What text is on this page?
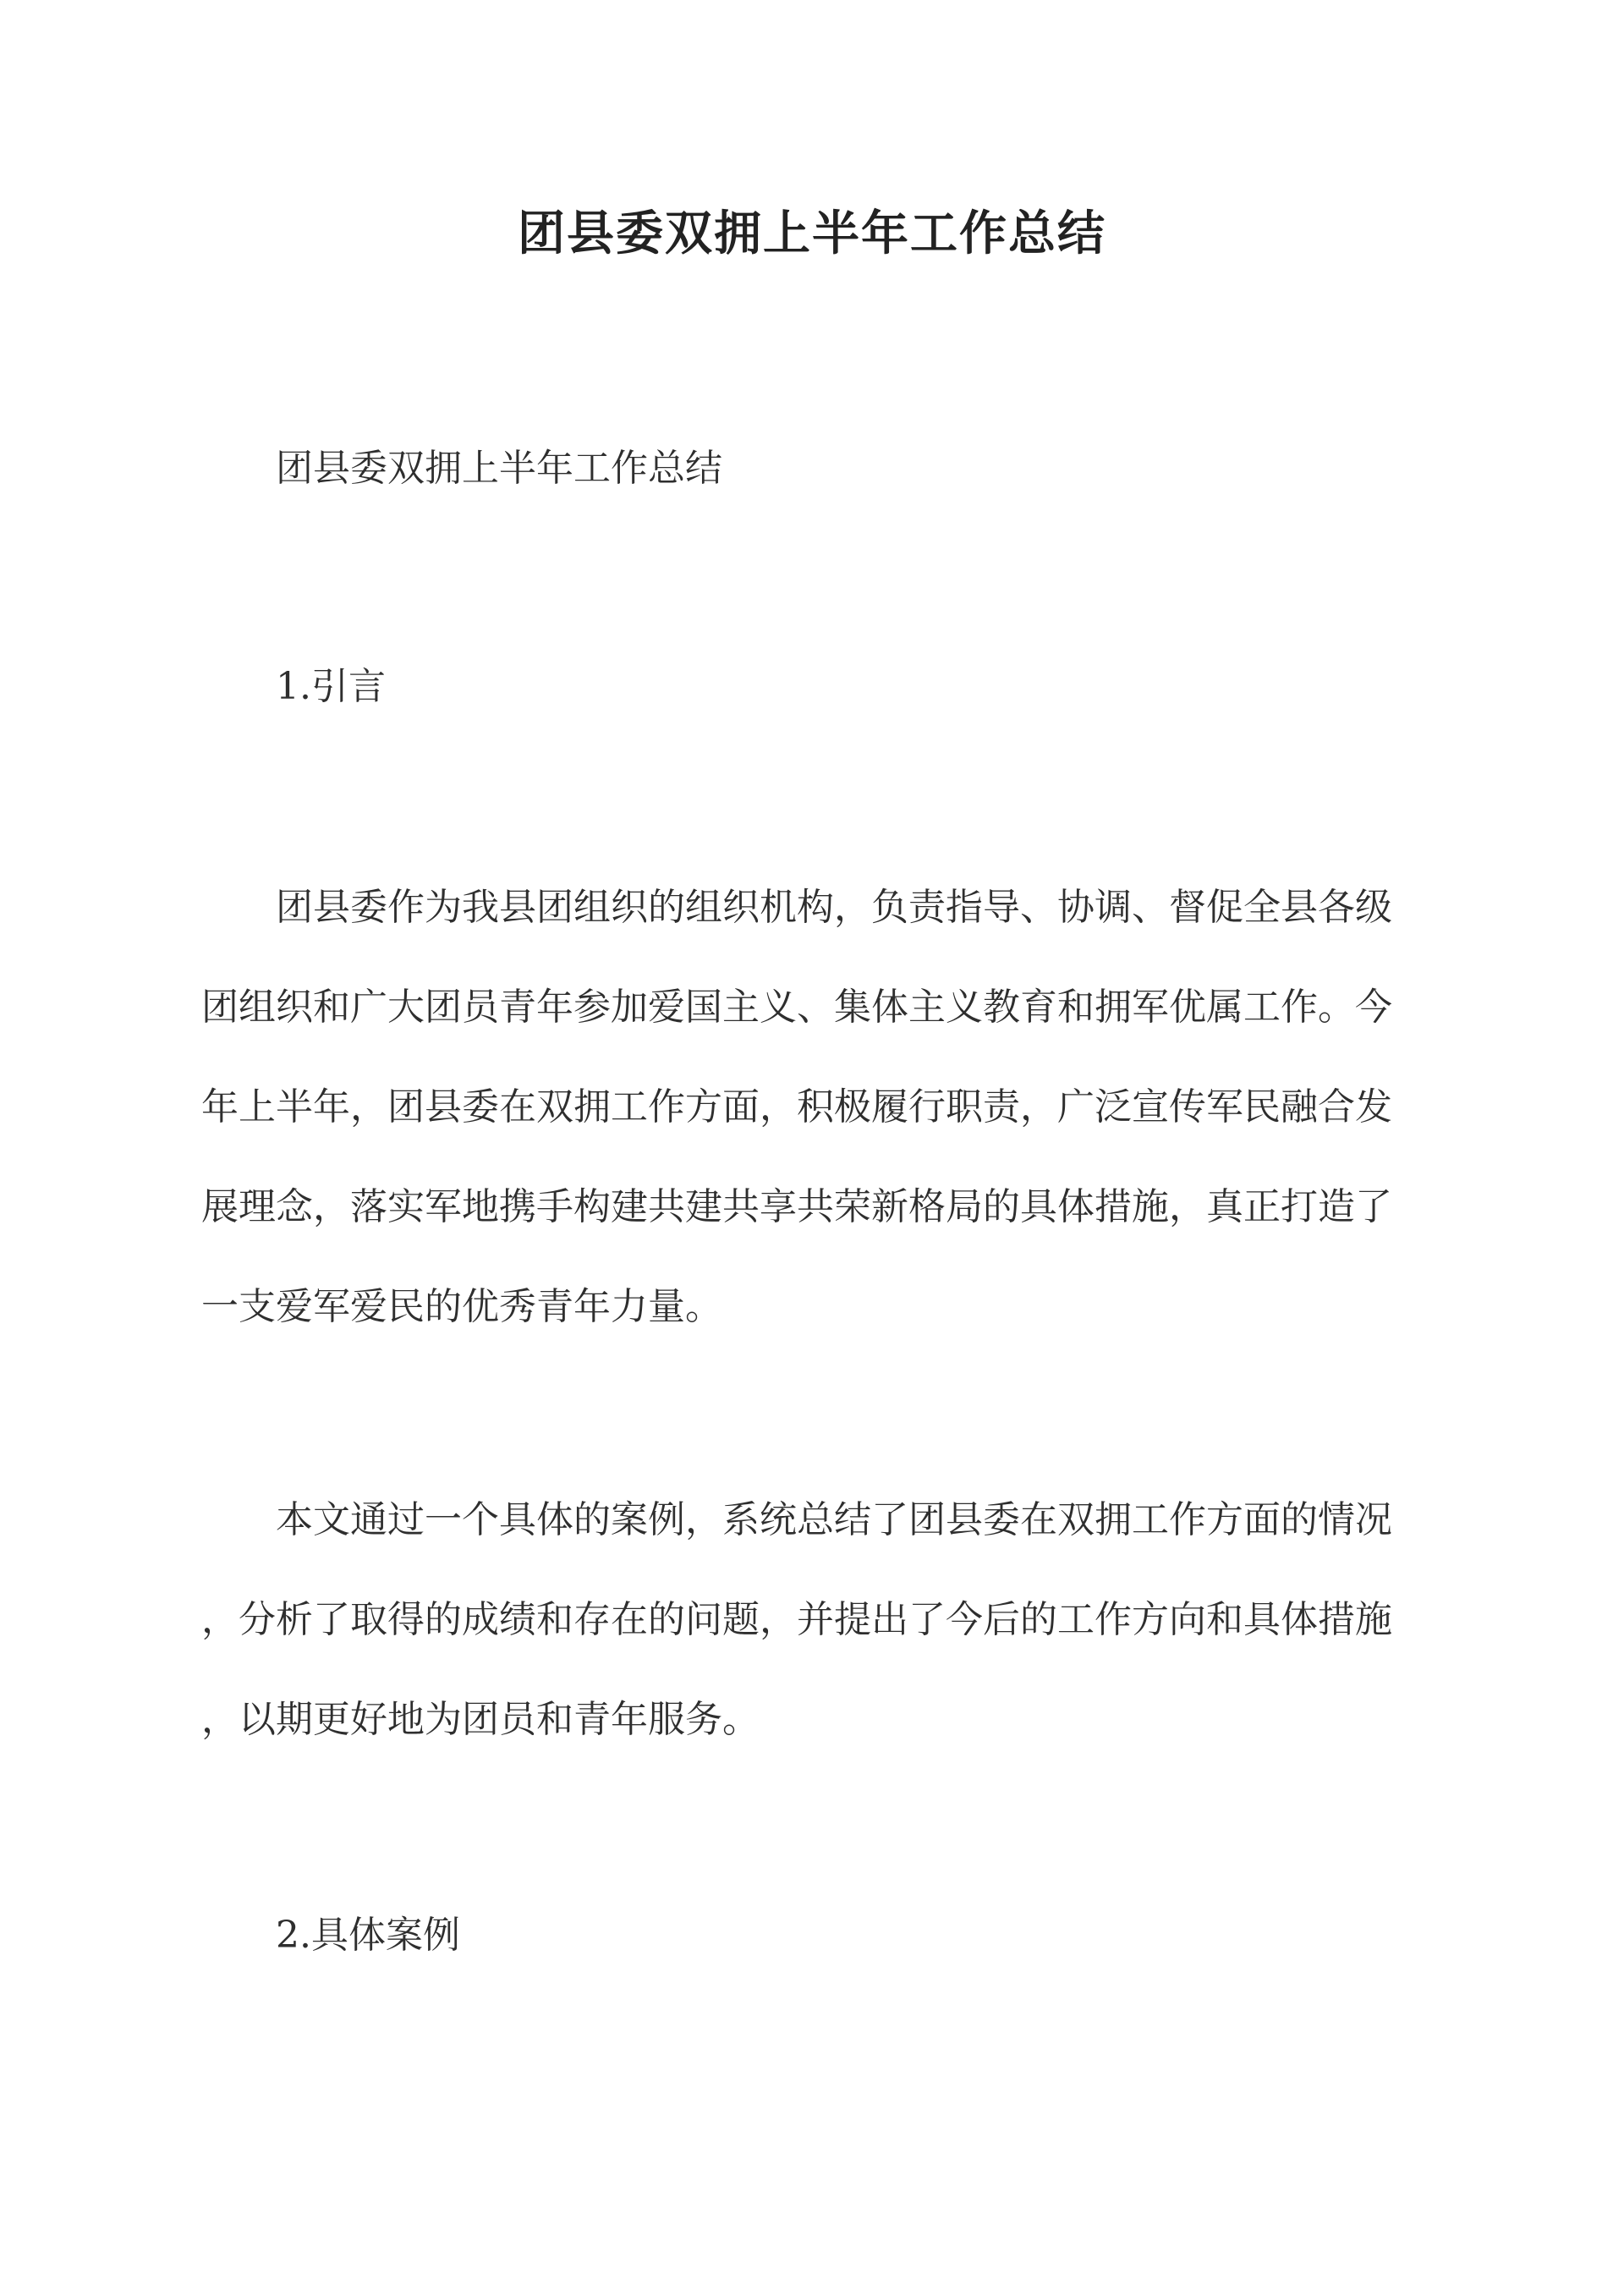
团县委双拥上半年工作总结

团县委双拥上半年工作总结

1.引言

团县委作为我县团组织的组织机构，负责指导、协调、督促全县各级
团组织和广大团员青年参加爱国主义、集体主义教育和拥军优属工作。今
年上半年，团县委在双拥工作方面，积极履行职责，广泛宣传军民融合发
展理念，落实军地携手构建共建共享共荣新格局的具体措施，真正打造了
一支爱军爱民的优秀青年力量。
本文通过一个具体的案例，系统总结了团县委在双拥工作方面的情况
，分析了取得的成绩和存在的问题，并提出了今后的工作方向和具体措施
，以期更好地为团员和青年服务。

2.具体案例
